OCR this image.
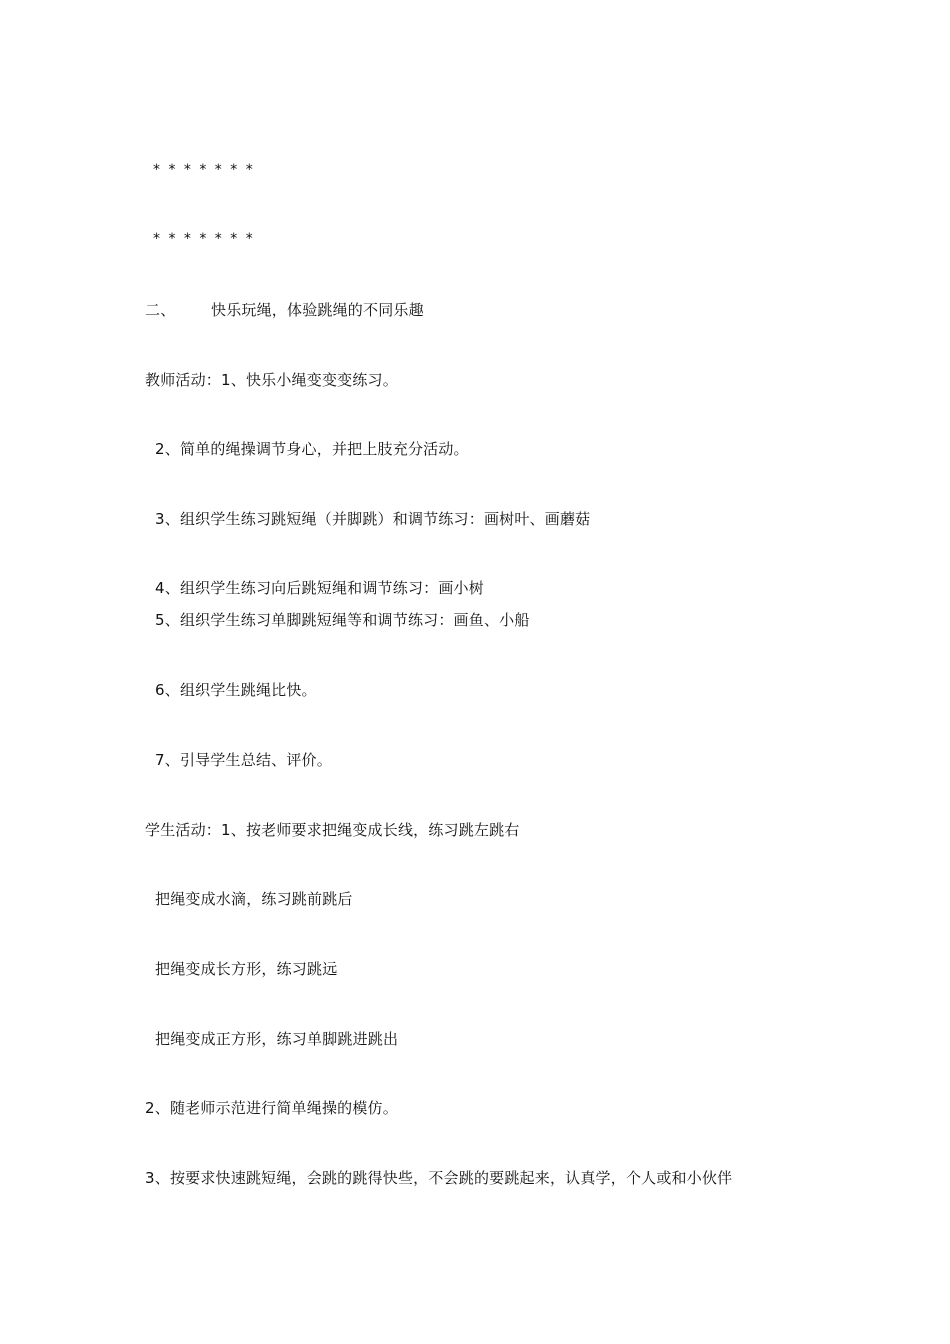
* * * * * * *
* * * * * * *
二、 快乐玩绳，体验跳绳的不同乐趣
教师活动：1、快乐小绳变变变练习。
2、简单的绳操调节身心，并把上肢充分活动。
3、组织学生练习跳短绳（并脚跳）和调节练习：画树叶、画蘑菇
4、组织学生练习向后跳短绳和调节练习：画小树
5、组织学生练习单脚跳短绳等和调节练习：画鱼、小船
6、组织学生跳绳比快。
7、引导学生总结、评价。
学生活动：1、按老师要求把绳变成长线，练习跳左跳右
把绳变成水滴，练习跳前跳后
把绳变成长方形，练习跳远
把绳变成正方形，练习单脚跳进跳出
2、随老师示范进行简单绳操的模仿。
3、按要求快速跳短绳，会跳的跳得快些，不会跳的要跳起来，认真学，个人或和小伙伴
